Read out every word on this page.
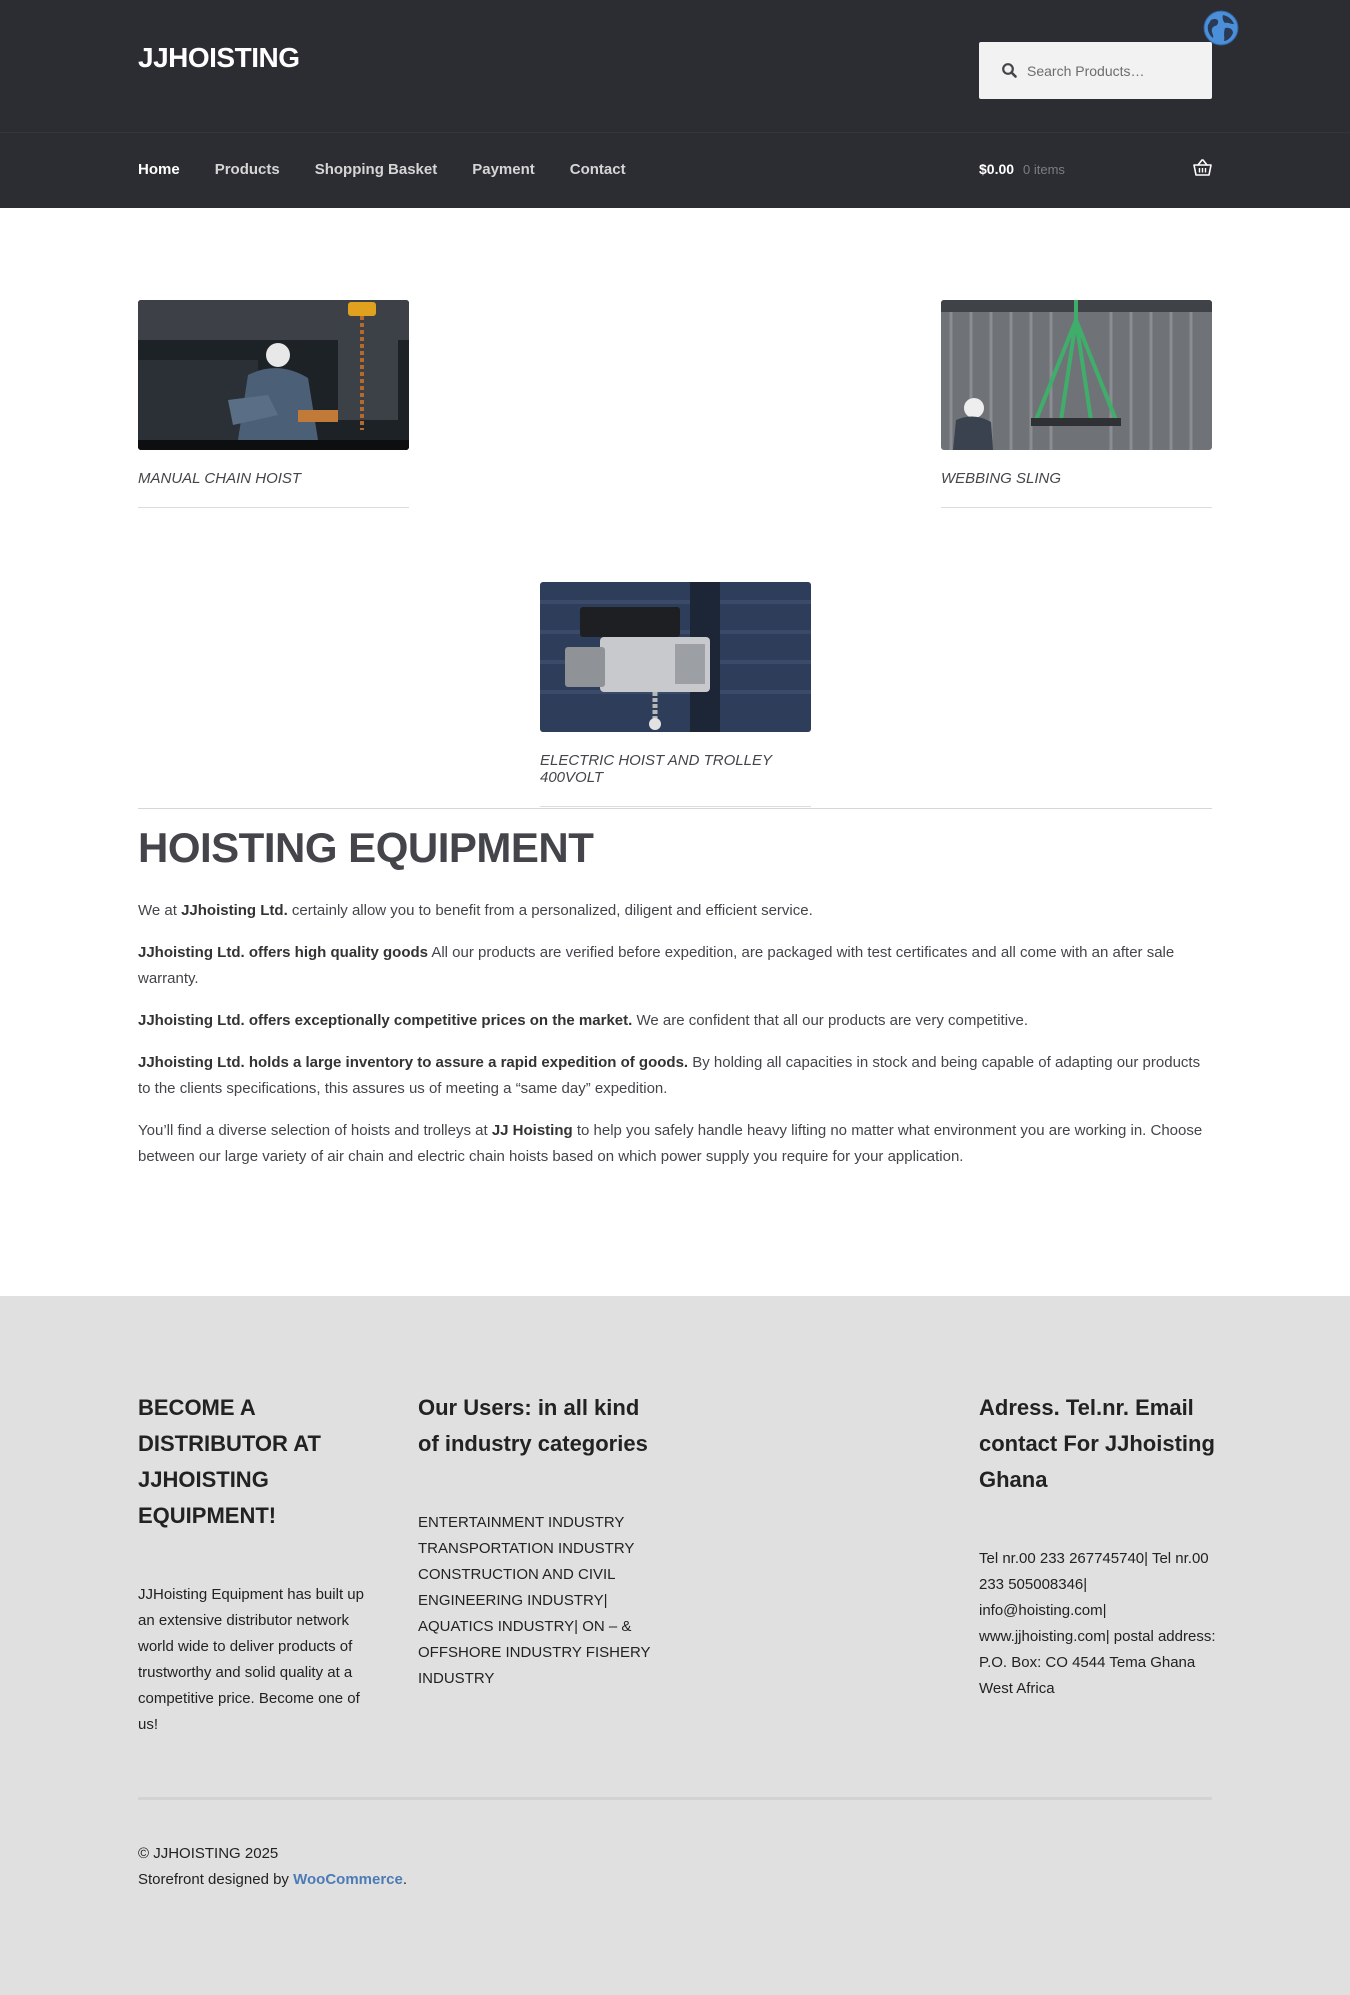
JJHOISTING
Search Products…
Home Products Shopping Basket Payment Contact	$0.00 0 items
MANUAL CHAIN HOIST	WEBBING SLING
ELECTRIC HOIST AND TROLLEY 400VOLT
HOISTING EQUIPMENT

We at JJhoisting Ltd. certainly allow you to benefit from a personalized, diligent and efficient service.

JJhoisting Ltd. offers high quality goods All our products are verified before expedition, are packaged with test certificates and all come with an after sale warranty.

JJhoisting Ltd. offers exceptionally competitive prices on the market. We are confident that all our products are very competitive.

JJhoisting Ltd. holds a large inventory to assure a rapid expedition of goods. By holding all capacities in stock and being capable of adapting our products to the clients specifications, this assures us of meeting a “same day” expedition.

You’ll find a diverse selection of hoists and trolleys at JJ Hoisting to help you safely handle heavy lifting no matter what environment you are working in. Choose between our large variety of air chain and electric chain hoists based on which power supply you require for your application.

BECOME A DISTRIBUTOR AT JJHOISTING EQUIPMENT!
JJHoisting Equipment has built up an extensive distributor network world wide to deliver products of trustworthy and solid quality at a competitive price. Become one of us!
Our Users: in all kind of industry categories
ENTERTAINMENT INDUSTRY TRANSPORTATION INDUSTRY CONSTRUCTION AND CIVIL ENGINEERING INDUSTRY| AQUATICS INDUSTRY| ON – & OFFSHORE INDUSTRY FISHERY INDUSTRY
Adress. Tel.nr. Email contact For JJhoisting Ghana
Tel nr.00 233 267745740| Tel nr.00 233 505008346| info@hoisting.com| www.jjhoisting.com| postal address: P.O. Box: CO 4544 Tema Ghana West Africa
© JJHOISTING 2025
Storefront designed by WooCommerce.
